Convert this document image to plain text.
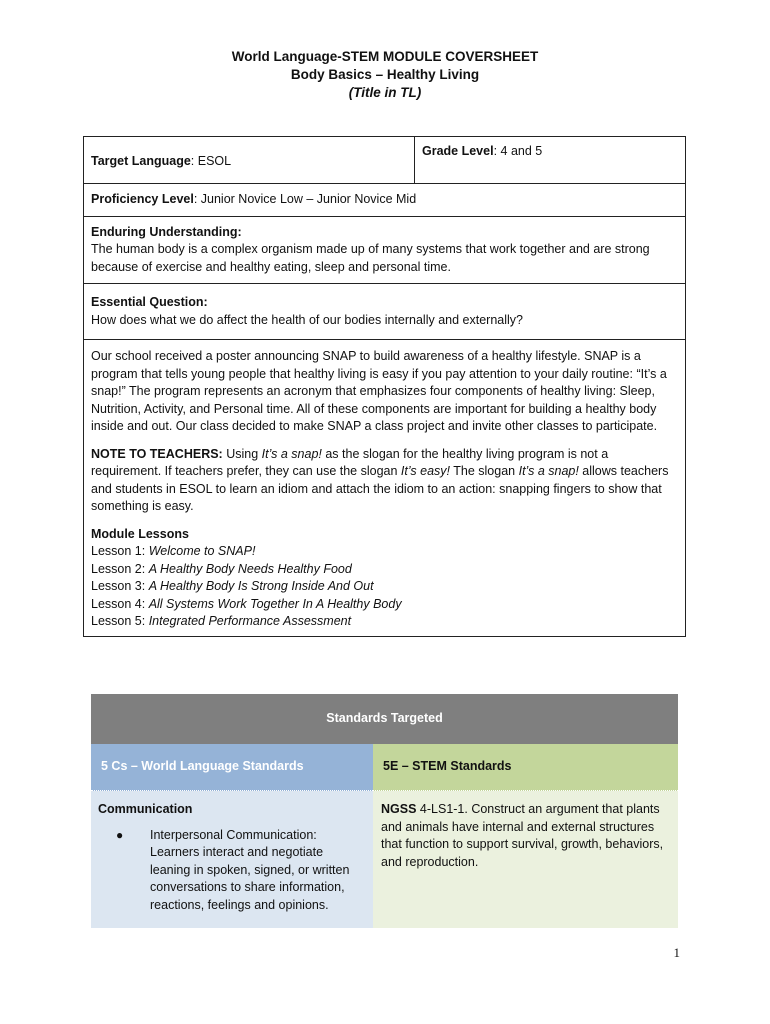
World Language-STEM MODULE COVERSHEET
Body Basics – Healthy Living
(Title in TL)
Target Language: ESOL	Grade Level: 4 and 5
Proficiency Level: Junior Novice Low – Junior Novice Mid

Enduring Understanding:
The human body is a complex organism made up of many systems that work together and are strong because of exercise and healthy eating, sleep and personal time.

Essential Question:
How does what we do affect the health of our bodies internally and externally?

Our school received a poster announcing SNAP to build awareness of a healthy lifestyle. SNAP is a program that tells young people that healthy living is easy if you pay attention to your daily routine: “It’s a snap!” The program represents an acronym that emphasizes four components of healthy living: Sleep, Nutrition, Activity, and Personal time. All of these components are important for building a healthy body inside and out. Our class decided to make SNAP a class project and invite other classes to participate.

NOTE TO TEACHERS: Using It’s a snap! as the slogan for the healthy living program is not a requirement. If teachers prefer, they can use the slogan It’s easy! The slogan It’s a snap! allows teachers and students in ESOL to learn an idiom and attach the idiom to an action: snapping fingers to show that something is easy.

Module Lessons
Lesson 1: Welcome to SNAP!
Lesson 2: A Healthy Body Needs Healthy Food
Lesson 3: A Healthy Body Is Strong Inside And Out
Lesson 4: All Systems Work Together In A Healthy Body
Lesson 5: Integrated Performance Assessment
Standards Targeted	
5 Cs – World Language Standards	5E – STEM Standards

Communication
● Interpersonal Communication: Learners interact and negotiate leaning in spoken, signed, or written conversations to share information, reactions, feelings and opinions.	NGSS 4-LS1-1. Construct an argument that plants and animals have internal and external structures that function to support survival, growth, behaviors, and reproduction.
1
